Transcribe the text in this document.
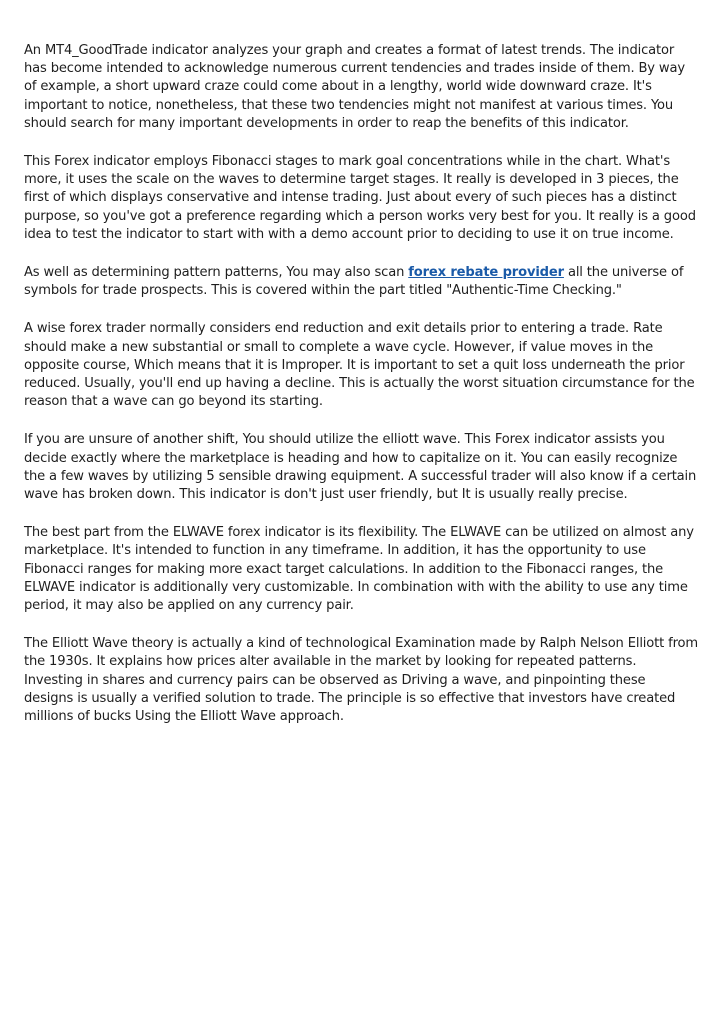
An MT4_GoodTrade indicator analyzes your graph and creates a format of latest trends. The indicator has become intended to acknowledge numerous current tendencies and trades inside of them. By way of example, a short upward craze could come about in a lengthy, world wide downward craze. It's important to notice, nonetheless, that these two tendencies might not manifest at various times. You should search for many important developments in order to reap the benefits of this indicator.

This Forex indicator employs Fibonacci stages to mark goal concentrations while in the chart. What's more, it uses the scale on the waves to determine target stages. It really is developed in 3 pieces, the first of which displays conservative and intense trading. Just about every of such pieces has a distinct purpose, so you've got a preference regarding which a person works very best for you. It really is a good idea to test the indicator to start with with a demo account prior to deciding to use it on true income.

As well as determining pattern patterns, You may also scan forex rebate provider all the universe of symbols for trade prospects. This is covered within the part titled "Authentic-Time Checking."

A wise forex trader normally considers end reduction and exit details prior to entering a trade. Rate should make a new substantial or small to complete a wave cycle. However, if value moves in the opposite course, Which means that it is Improper. It is important to set a quit loss underneath the prior reduced. Usually, you'll end up having a decline. This is actually the worst situation circumstance for the reason that a wave can go beyond its starting.

If you are unsure of another shift, You should utilize the elliott wave. This Forex indicator assists you decide exactly where the marketplace is heading and how to capitalize on it. You can easily recognize the a few waves by utilizing 5 sensible drawing equipment. A successful trader will also know if a certain wave has broken down. This indicator is don't just user friendly, but It is usually really precise.

The best part from the ELWAVE forex indicator is its flexibility. The ELWAVE can be utilized on almost any marketplace. It's intended to function in any timeframe. In addition, it has the opportunity to use Fibonacci ranges for making more exact target calculations. In addition to the Fibonacci ranges, the ELWAVE indicator is additionally very customizable. In combination with with the ability to use any time period, it may also be applied on any currency pair.

The Elliott Wave theory is actually a kind of technological Examination made by Ralph Nelson Elliott from the 1930s. It explains how prices alter available in the market by looking for repeated patterns. Investing in shares and currency pairs can be observed as Driving a wave, and pinpointing these designs is usually a verified solution to trade. The principle is so effective that investors have created millions of bucks Using the Elliott Wave approach.
